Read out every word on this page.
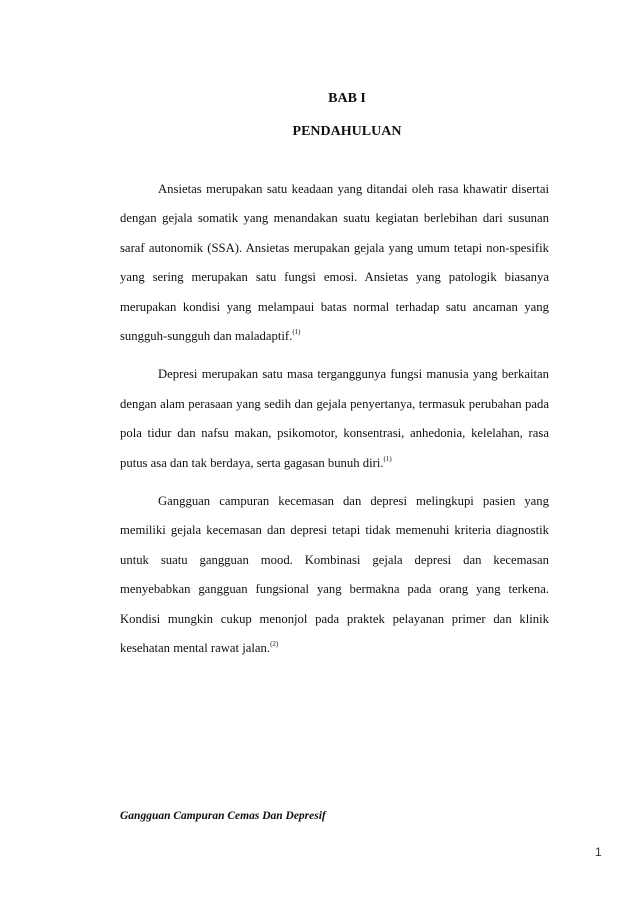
BAB I
PENDAHULUAN

Ansietas merupakan satu keadaan yang ditandai oleh rasa khawatir disertai dengan gejala somatik yang menandakan suatu kegiatan berlebihan dari susunan saraf autonomik (SSA). Ansietas merupakan gejala yang umum tetapi non-spesifik yang sering merupakan satu fungsi emosi. Ansietas yang patologik biasanya merupakan kondisi yang melampaui batas normal terhadap satu ancaman yang sungguh-sungguh dan maladaptif.$^{(1)}$

Depresi merupakan satu masa terganggunya fungsi manusia yang berkaitan dengan alam perasaan yang sedih dan gejala penyertanya, termasuk perubahan pada pola tidur dan nafsu makan, psikomotor, konsentrasi, anhedonia, kelelahan, rasa putus asa dan tak berdaya, serta gagasan bunuh diri.$^{(1)}$

Gangguan campuran kecemasan dan depresi melingkupi pasien yang memiliki gejala kecemasan dan depresi tetapi tidak memenuhi kriteria diagnostik untuk suatu gangguan mood. Kombinasi gejala depresi dan kecemasan menyebabkan gangguan fungsional yang bermakna pada orang yang terkena. Kondisi mungkin cukup menonjol pada praktek pelayanan primer dan klinik kesehatan mental rawat jalan.$^{(2)}$

Gangguan Campuran Cemas Dan Depresif
1
